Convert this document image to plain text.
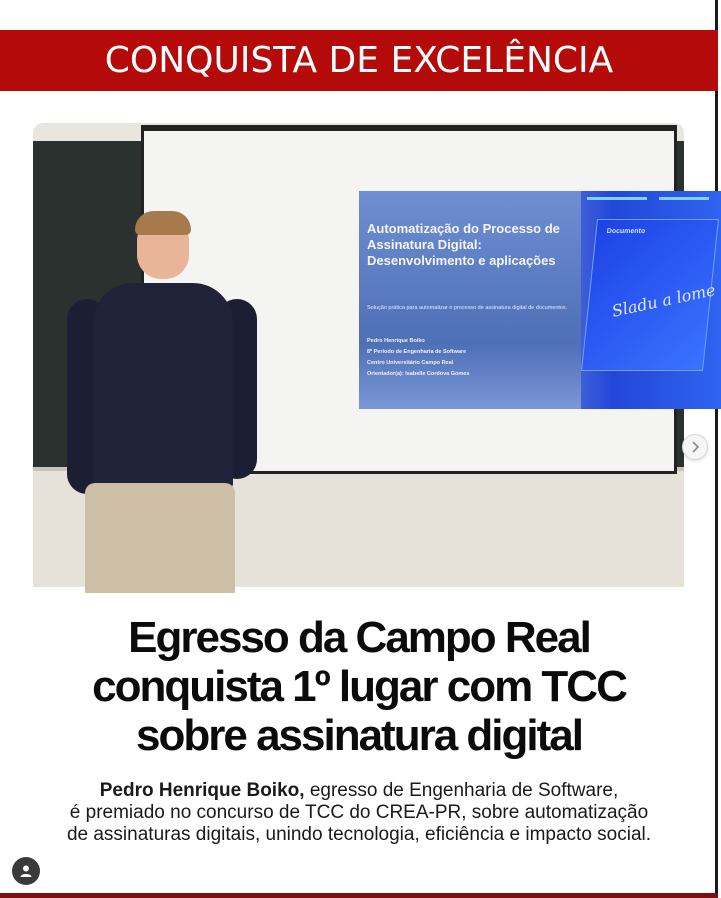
CONQUISTA DE EXCELÊNCIA
Automatização do Processo de Assinatura Digital: Desenvolvimento e aplicações
Solução prática para automatizar o processo de assinatura digital de documentos.
Pedro Henrique Boiko
8º Período de Engenharia de Software
Centro Universitário Campo Real
Orientador(a): Isabelle Cordova Gomes
Documento
Sladu a lome
Egresso da Campo Real
conquista 1º lugar com TCC
sobre assinatura digital
Pedro Henrique Boiko, egresso de Engenharia de Software,
é premiado no concurso de TCC do CREA-PR, sobre automatização
de assinaturas digitais, unindo tecnologia, eficiência e impacto social.
